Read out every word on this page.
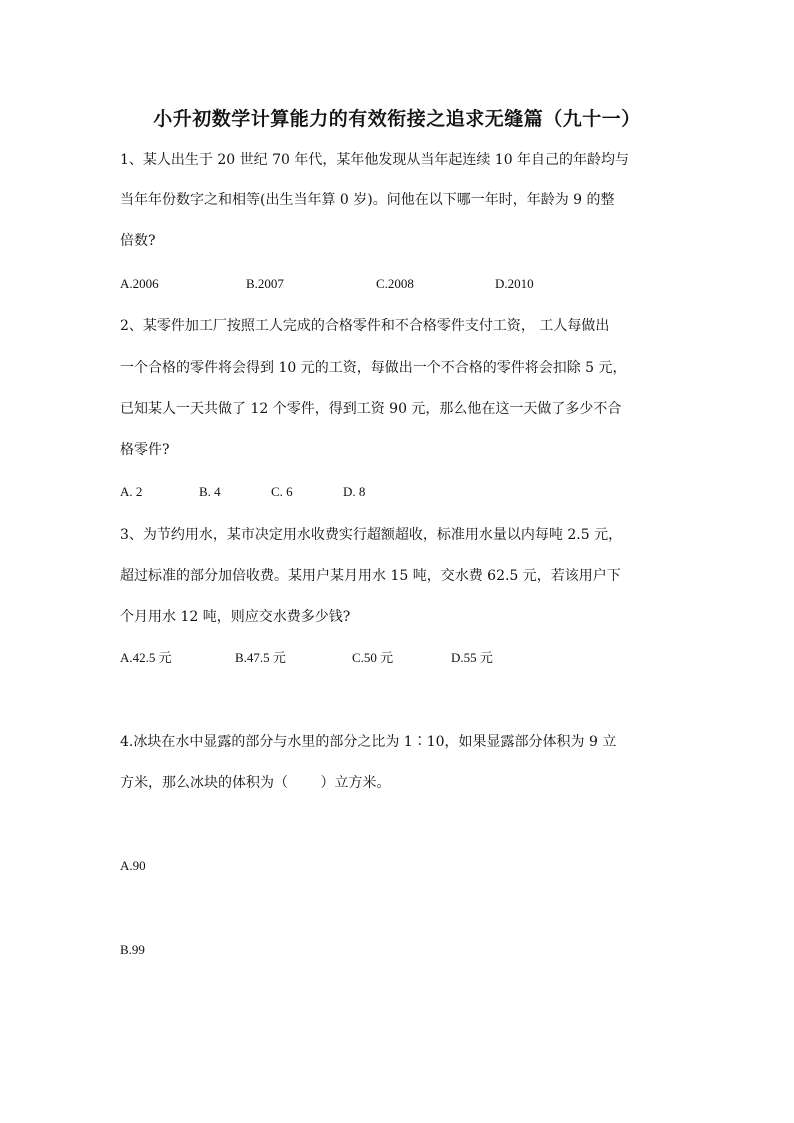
小升初数学计算能力的有效衔接之追求无缝篇（九十一）
1、某人出生于 20 世纪 70 年代，某年他发现从当年起连续 10 年自己的年龄均与
当年年份数字之和相等(出生当年算 0 岁)。问他在以下哪一年时，年龄为 9 的整
倍数?
A.2006	B.2007	C.2008	D.2010
2、某零件加工厂按照工人完成的合格零件和不合格零件支付工资， 工人每做出
一个合格的零件将会得到 10 元的工资，每做出一个不合格的零件将会扣除 5 元，
已知某人一天共做了 12 个零件，得到工资 90 元，那么他在这一天做了多少不合
格零件?
A. 2	B. 4	C. 6	D. 8
3、为节约用水，某市决定用水收费实行超额超收，标准用水量以内每吨 2.5 元，
超过标准的部分加倍收费。某用户某月用水 15 吨，交水费 62.5 元，若该用户下
个月用水 12 吨，则应交水费多少钱?
A.42.5 元	B.47.5 元	C.50 元	D.55 元
4.冰块在水中显露的部分与水里的部分之比为 1∶10，如果显露部分体积为 9 立
方米，那么冰块的体积为（　　 ）立方米。
A.90
B.99
